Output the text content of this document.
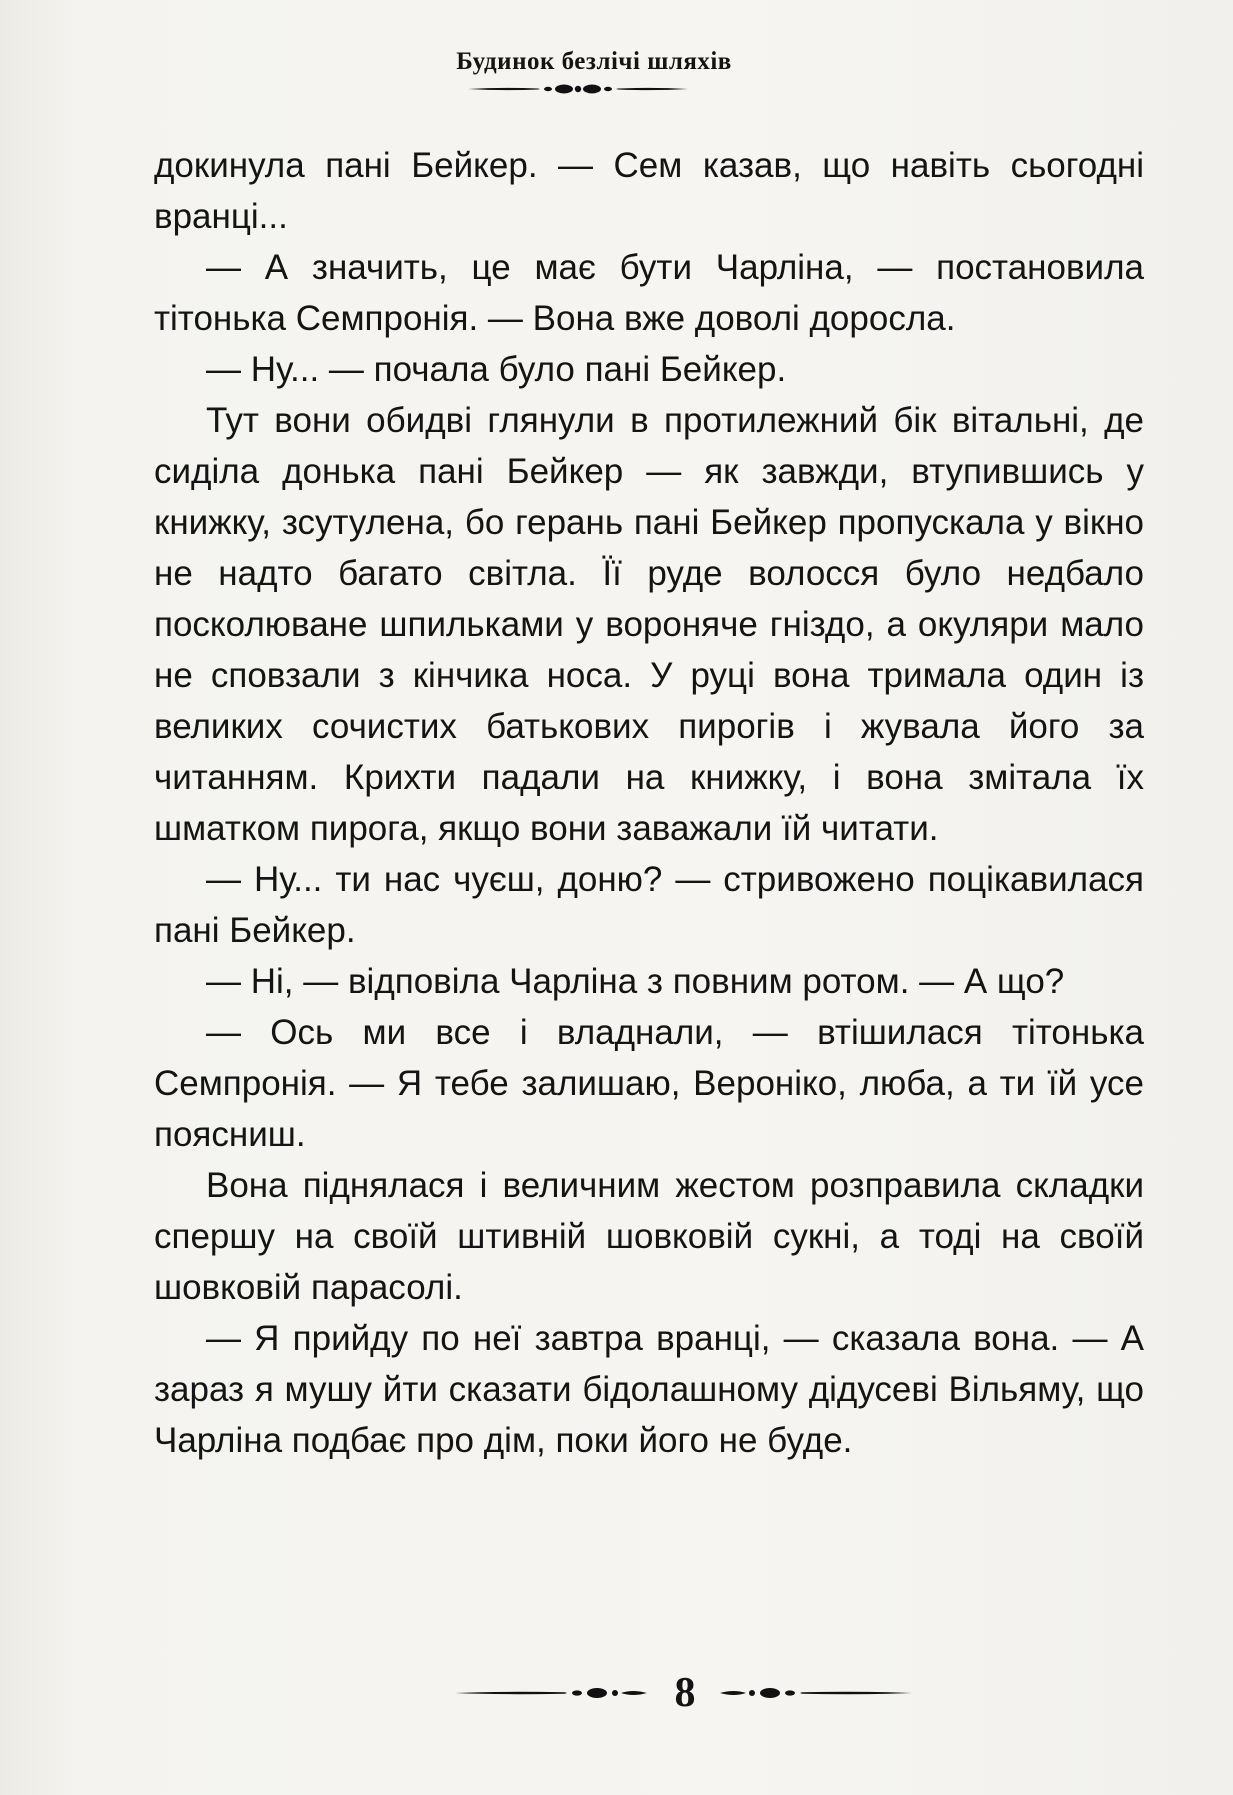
Будинок безлічі шляхів

докинула пані Бейкер. — Сем казав, що навіть сьогодні вранці...

— А значить, це має бути Чарліна, — постановила тітонька Семпронія. — Вона вже доволі доросла.

— Ну... — почала було пані Бейкер.

Тут вони обидві глянули в протилежний бік вітальні, де сиділа донька пані Бейкер — як завжди, втупившись у книжку, зсутулена, бо герань пані Бейкер пропускала у вікно не надто багато світла. Її руде волосся було недбало посколюване шпильками у вороняче гніздо, а окуляри мало не сповзали з кінчика носа. У руці вона тримала один із великих сочистих батькових пирогів і жувала його за читанням. Крихти падали на книжку, і вона змітала їх шматком пирога, якщо вони заважали їй читати.

— Ну... ти нас чуєш, доню? — стривожено поцікавилася пані Бейкер.

— Ні, — відповіла Чарліна з повним ротом. — А що?

— Ось ми все і владнали, — втішилася тітонька Семпронія. — Я тебе залишаю, Вероніко, люба, а ти їй усе поясниш.

Вона піднялася і величним жестом розправила складки спершу на своїй штивній шовковій сукні, а тоді на своїй шовковій парасолі.

— Я прийду по неї завтра вранці, — сказала вона. — А зараз я мушу йти сказати бідолашному дідусеві Вільяму, що Чарліна подбає про дім, поки його не буде.

8
